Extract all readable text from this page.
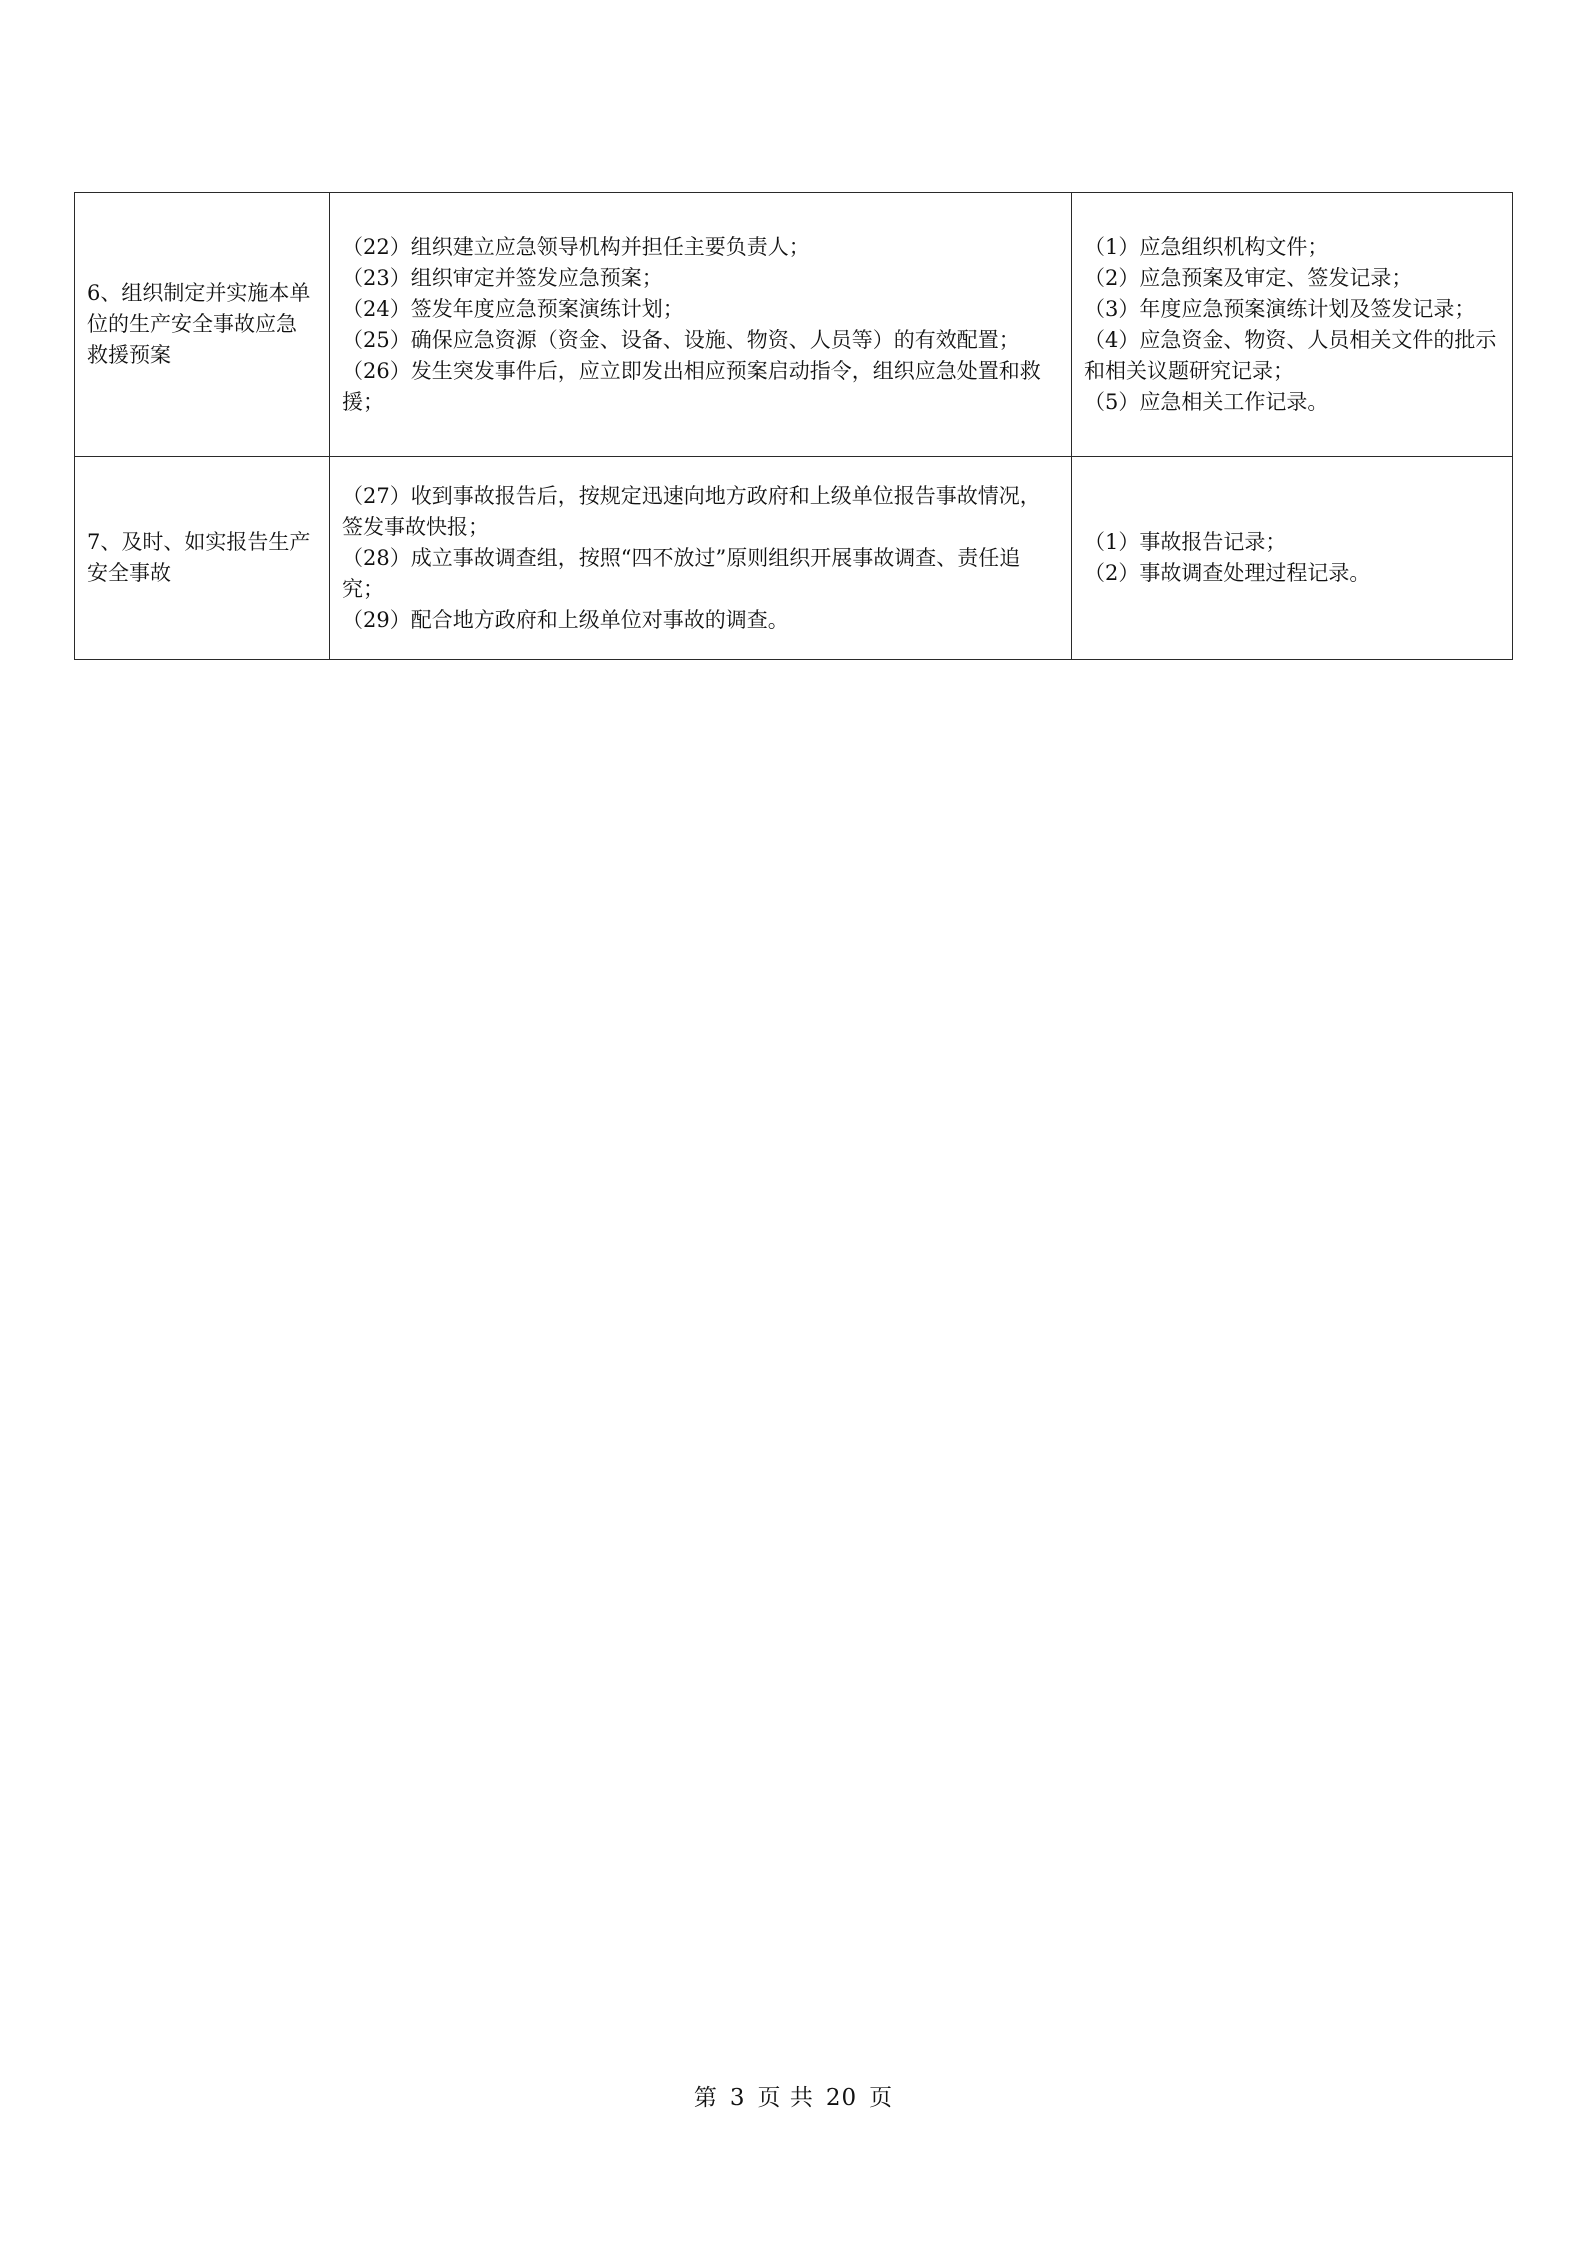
6、组织制定并实施本单位的生产安全事故应急救援预案	（22）组织建立应急领导机构并担任主要负责人；
（23）组织审定并签发应急预案；
（24）签发年度应急预案演练计划；
（25）确保应急资源（资金、设备、设施、物资、人员等）的有效配置；
（26）发生突发事件后，应立即发出相应预案启动指令，组织应急处置和救援；	（1）应急组织机构文件；
（2）应急预案及审定、签发记录；
（3）年度应急预案演练计划及签发记录；
（4）应急资金、物资、人员相关文件的批示和相关议题研究记录；
（5）应急相关工作记录。

7、及时、如实报告生产安全事故	（27）收到事故报告后，按规定迅速向地方政府和上级单位报告事故情况，签发事故快报；
（28）成立事故调查组，按照“四不放过”原则组织开展事故调查、责任追究；
（29）配合地方政府和上级单位对事故的调查。	（1）事故报告记录；
（2）事故调查处理过程记录。
第 3 页 共 20 页
